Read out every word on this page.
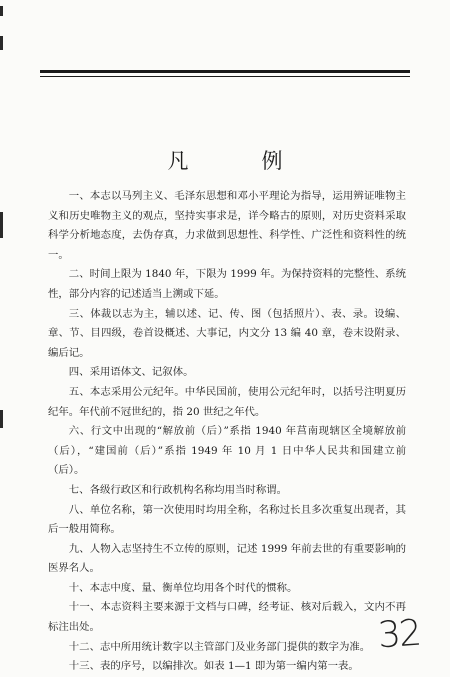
凡　例

一、本志以马列主义、毛泽东思想和邓小平理论为指导，运用辨证唯物主义和历史唯物主义的观点，坚持实事求是，详今略古的原则，对历史资料采取科学分析地态度，去伪存真，力求做到思想性、科学性、广泛性和资料性的统一。

二、时间上限为 1840 年，下限为 1999 年。为保持资料的完整性、系统性，部分内容的记述适当上溯或下延。

三、体裁以志为主，辅以述、记、传、图（包括照片）、表、录。设编、章、节、目四级，卷首设概述、大事记，内文分 13 编 40 章，卷末设附录、编后记。

四、采用语体文、记叙体。

五、本志采用公元纪年。中华民国前，使用公元纪年时，以括号注明夏历纪年。年代前不冠世纪的，指 20 世纪之年代。

六、行文中出现的“解放前（后）”系指 1940 年莒南现辖区全境解放前（后），“建国前（后）”系指 1949 年 10 月 1 日中华人民共和国建立前（后）。

七、各级行政区和行政机构名称均用当时称谓。

八、单位名称，第一次使用时均用全称，名称过长且多次重复出现者，其后一般用简称。

九、人物入志坚持生不立传的原则，记述 1999 年前去世的有重要影响的医界名人。

十、本志中度、量、衡单位均用各个时代的惯称。

十一、本志资料主要来源于文档与口碑，经考证、核对后载入，文内不再标注出处。

十二、志中所用统计数字以主管部门及业务部门提供的数字为准。

十三、表的序号，以编排次。如表 1—1 即为第一编内第一表。

32
